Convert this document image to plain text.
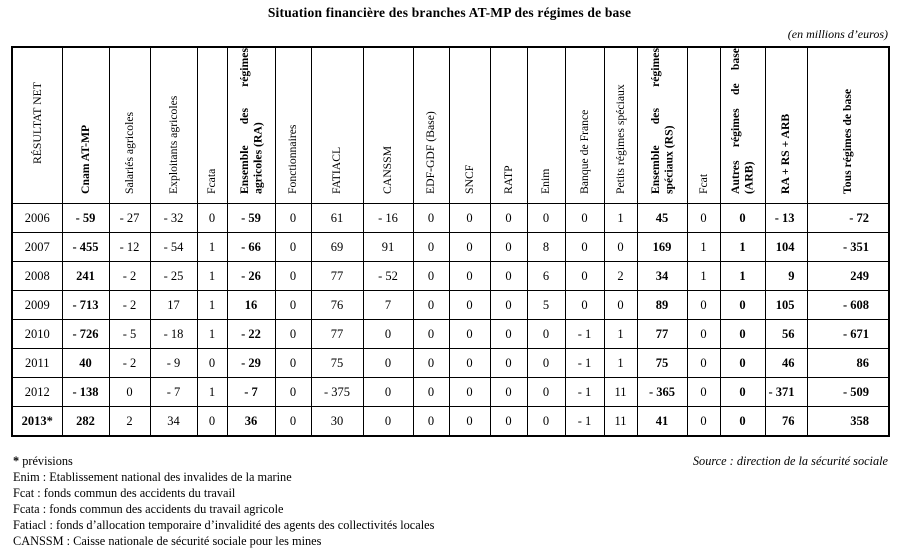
Situation financière des branches AT-MP des régimes de base
(en millions d’euros)
RÉSULTAT NET	Cnam AT-MP	Salariés agricoles	Exploitants agricoles	Fcata	Ensemble des régimes agricoles (RA)	Fonctionnaires	FATIACL	CANSSM	EDF-GDF (Base)	SNCF	RATP	Enim	Banque de France	Petits régimes spéciaux	Ensemble des régimes spéciaux (RS)	Fcat	Autres régimes de base (ARB)	RA + RS + ARB	Tous régimes de base
2006	- 59	- 27	- 32	0	- 59	0	61	- 16	0	0	0	0	0	1	45	0	0	- 13	- 72
2007	- 455	- 12	- 54	1	- 66	0	69	91	0	0	0	8	0	0	169	1	1	104	- 351
2008	241	- 2	- 25	1	- 26	0	77	- 52	0	0	0	6	0	2	34	1	1	9	249
2009	- 713	- 2	17	1	16	0	76	7	0	0	0	5	0	0	89	0	0	105	- 608
2010	- 726	- 5	- 18	1	- 22	0	77	0	0	0	0	0	- 1	1	77	0	0	56	- 671
2011	40	- 2	- 9	0	- 29	0	75	0	0	0	0	0	- 1	1	75	0	0	46	86
2012	- 138	0	- 7	1	- 7	0	- 375	0	0	0	0	0	- 1	11	- 365	0	0	- 371	- 509
2013*	282	2	34	0	36	0	30	0	0	0	0	0	- 1	11	41	0	0	76	358
* prévisions
Enim : Etablissement national des invalides de la marine
Fcat : fonds commun des accidents du travail
Fcata : fonds commun des accidents du travail agricole
Fatiacl : fonds d’allocation temporaire d’invalidité des agents des collectivités locales
CANSSM : Caisse nationale de sécurité sociale pour les mines
Source : direction de la sécurité sociale
